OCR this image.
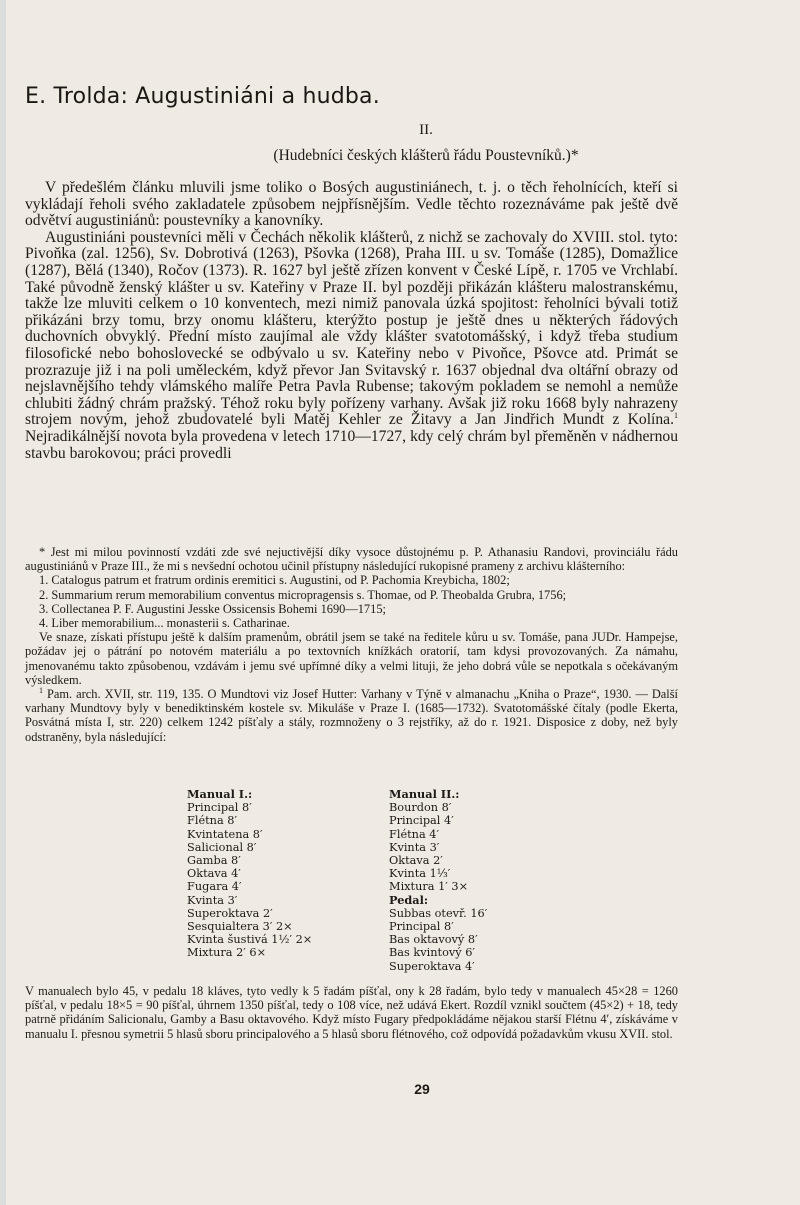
E. Trolda: Augustiniáni a hudba.
II.
(Hudebníci českých klášterů řádu Poustevníků.)*

V předešlém článku mluvili jsme toliko o Bosých augustiniánech, t. j. o těch řeholnících, kteří si vykládají řeholi svého zakladatele způsobem nejpřísnějším. Vedle těchto rozeznáváme pak ještě dvě odvětví augustiniánů: poustevníky a kanovníky.

Augustiniáni poustevníci měli v Čechách několik klášterů, z nichž se zachovaly do XVIII. stol. tyto: Pivoňka (zal. 1256), Sv. Dobrotivá (1263), Pšovka (1268), Praha III. u sv. Tomáše (1285), Domažlice (1287), Bělá (1340), Ročov (1373). R. 1627 byl ještě zřízen konvent v České Lípě, r. 1705 ve Vrchlabí. Také původně ženský klášter u sv. Kateřiny v Praze II. byl později přikázán klášteru malostranskému, takže lze mluviti celkem o 10 konventech, mezi nimiž panovala úzká spojitost: řeholníci bývali totiž přikázáni brzy tomu, brzy onomu klášteru, kterýžto postup je ještě dnes u některých řádových duchovních obvyklý. Přední místo zaujímal ale vždy klášter svatotomášský, i když třeba studium filosofické nebo bohoslovecké se odbývalo u sv. Kateřiny nebo v Pivoňce, Pšovce atd. Primát se prozrazuje již i na poli uměleckém, když převor Jan Svitavský r. 1637 objednal dva oltářní obrazy od nejslavnějšího tehdy vlámského malíře Petra Pavla Rubense; takovým pokladem se nemohl a nemůže chlubiti žádný chrám pražský. Téhož roku byly pořízeny varhany. Avšak již roku 1668 byly nahrazeny strojem novým, jehož zbudovatelé byli Matěj Kehler ze Žitavy a Jan Jindřich Mundt z Kolína.$^1$ Nejradikálnější novota byla provedena v letech 1710—1727, kdy celý chrám byl přeměněn v nádhernou stavbu barokovou; práci provedli

* Jest mi milou povinností vzdáti zde své nejuctivější díky vysoce důstojnému p. P. Athanasiu Randovi, provinciálu řádu augustiniánů v Praze III., že mi s nevšední ochotou učinil přístupny následující rukopisné prameny z archivu klášterního:

1. Catalogus patrum et fratrum ordinis eremitici s. Augustini, od P. Pachomia Kreybicha, 1802;

2. Summarium rerum memorabilium conventus micropragensis s. Thomae, od P. Theobalda Grubra, 1756;

3. Collectanea P. F. Augustini Jesske Ossicensis Bohemi 1690—1715;

4. Liber memorabilium... monasterii s. Catharinae.

Ve snaze, získati přístupu ještě k dalším pramenům, obrátil jsem se také na ředitele kůru u sv. Tomáše, pana JUDr. Hampejse, požádav jej o pátrání po notovém materiálu a po textovních knížkách oratorií, tam kdysi provozovaných. Za námahu, jmenovanému takto způsobenou, vzdávám i jemu své upřímné díky a velmi lituji, že jeho dobrá vůle se nepotkala s očekávaným výsledkem.

$^1$ Pam. arch. XVII, str. 119, 135. O Mundtovi viz Josef Hutter: Varhany v Týně v almanachu „Kniha o Praze“, 1930. — Další varhany Mundtovy byly v benediktinském kostele sv. Mikuláše v Praze I. (1685—1732). Svatotomášské čítaly (podle Ekerta, Posvátná místa I, str. 220) celkem 1242 píšťaly a stály, rozmnoženy o 3 rejstříky, až do r. 1921. Disposice z doby, než byly odstraněny, byla následující:

Manual I.:
Principal 8′
Flétna 8′
Kvintatena 8′
Salicional 8′
Gamba 8′
Oktava 4′
Fugara 4′
Kvinta 3′
Superoktava 2′
Sesquialtera 3′ 2×
Kvinta šustivá 1½′ 2×
Mixtura 2′ 6×
Manual II.:
Bourdon 8′
Principal 4′
Flétna 4′
Kvinta 3′
Oktava 2′
Kvinta 1⅓′
Mixtura 1′ 3×
Pedal:
Subbas otevř. 16′
Principal 8′
Bas oktavový 8′
Bas kvintový 6′
Superoktava 4′

V manualech bylo 45, v pedalu 18 kláves, tyto vedly k 5 řadám píšťal, ony k 28 řadám, bylo tedy v manualech 45×28 = 1260 píšťal, v pedalu 18×5 = 90 píšťal, úhrnem 1350 píšťal, tedy o 108 více, než udává Ekert. Rozdíl vznikl součtem (45×2) + 18, tedy patrně přidáním Salicionalu, Gamby a Basu oktavového. Když místo Fugary předpokládáme nějakou starší Flétnu 4′, získáváme v manualu I. přesnou symetrii 5 hlasů sboru principalového a 5 hlasů sboru flétnového, což odpovídá požadavkům vkusu XVII. stol.

29
